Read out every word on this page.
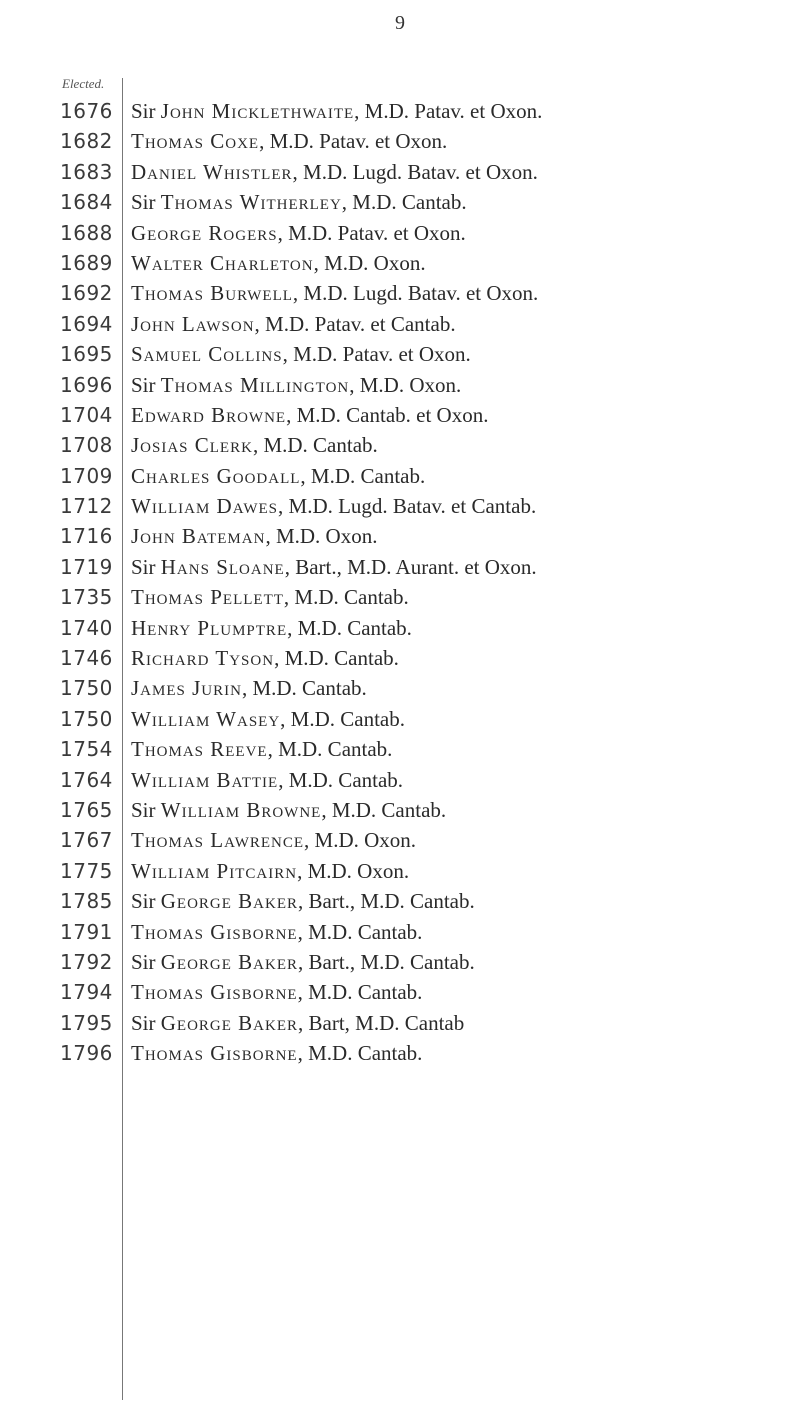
9
Elected.
1676 Sir John Micklethwaite, M.D. Patav. et Oxon.
1682 Thomas Coxe, M.D. Patav. et Oxon.
1683 Daniel Whistler, M.D. Lugd. Batav. et Oxon.
1684 Sir Thomas Witherley, M.D. Cantab.
1688 George Rogers, M.D. Patav. et Oxon.
1689 Walter Charleton, M.D. Oxon.
1692 Thomas Burwell, M.D. Lugd. Batav. et Oxon.
1694 John Lawson, M.D. Patav. et Cantab.
1695 Samuel Collins, M.D. Patav. et Oxon.
1696 Sir Thomas Millington, M.D. Oxon.
1704 Edward Browne, M.D. Cantab. et Oxon.
1708 Josias Clerk, M.D. Cantab.
1709 Charles Goodall, M.D. Cantab.
1712 William Dawes, M.D. Lugd. Batav. et Cantab.
1716 John Bateman, M.D. Oxon.
1719 Sir Hans Sloane, Bart., M.D. Aurant. et Oxon.
1735 Thomas Pellett, M.D. Cantab.
1740 Henry Plumptre, M.D. Cantab.
1746 Richard Tyson, M.D. Cantab.
1750 James Jurin, M.D. Cantab.
1750 William Wasey, M.D. Cantab.
1754 Thomas Reeve, M.D. Cantab.
1764 William Battie, M.D. Cantab.
1765 Sir William Browne, M.D. Cantab.
1767 Thomas Lawrence, M.D. Oxon.
1775 William Pitcairn, M.D. Oxon.
1785 Sir George Baker, Bart., M.D. Cantab.
1791 Thomas Gisborne, M.D. Cantab.
1792 Sir George Baker, Bart., M.D. Cantab.
1794 Thomas Gisborne, M.D. Cantab.
1795 Sir George Baker, Bart, M.D. Cantab
1796 Thomas Gisborne, M.D. Cantab.
